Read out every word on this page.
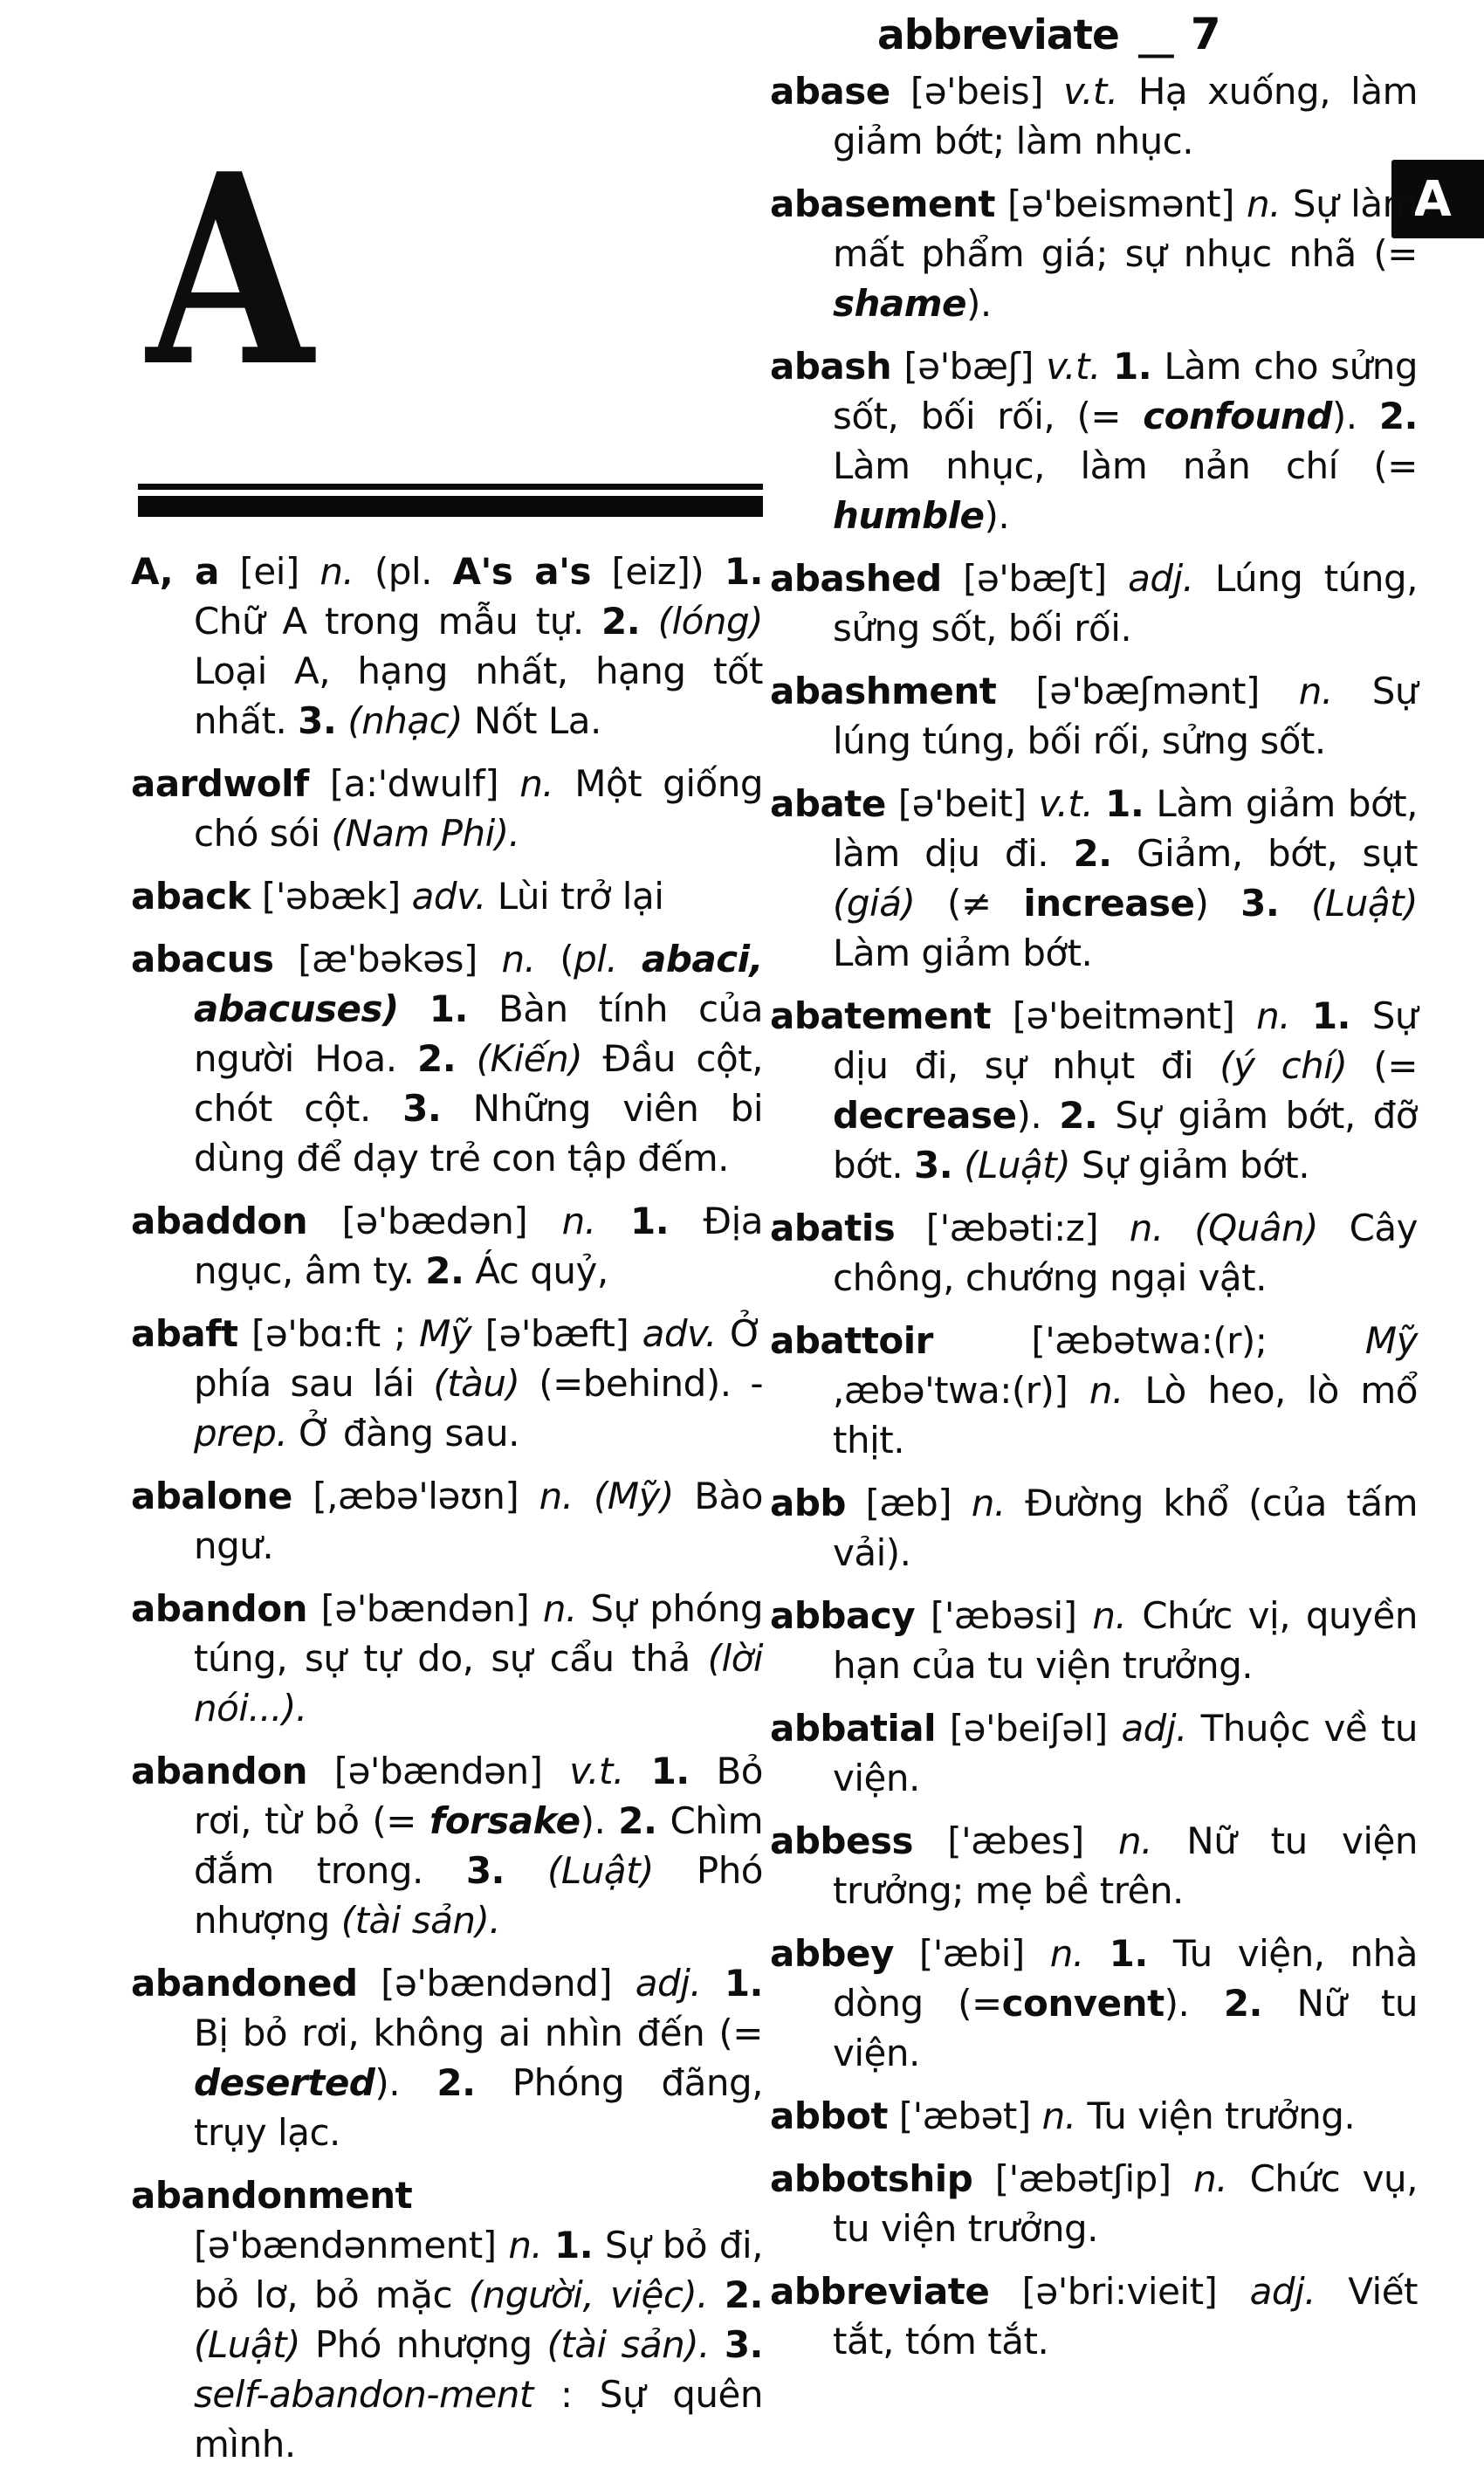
abbreviate __ 7
A
A

A, a [ei] n. (pl. A's a's [eiz]) 1. Chữ A trong mẫu tự. 2. (lóng) Loại A, hạng nhất, hạng tốt nhất. 3. (nhạc) Nốt La.

aardwolf [a:'dwulf] n. Một giống chó sói (Nam Phi).

aback ['əbæk] adv. Lùi trở lại

abacus [æ'bəkəs] n. (pl. abaci, abacuses) 1. Bàn tính của người Hoa. 2. (Kiến) Đầu cột, chót cột. 3. Những viên bi dùng để dạy trẻ con tập đếm.

abaddon [ə'bædən] n. 1. Địa ngục, âm ty. 2. Ác quỷ,

abaft [ə'bɑ:ft ; Mỹ [ə'bæft] adv. Ở phía sau lái (tàu) (=behind). - prep. Ở đàng sau.

abalone [,æbə'ləʊn] n. (Mỹ) Bào ngư.

abandon [ə'bændən] n. Sự phóng túng, sự tự do, sự cẩu thả (lời nói...).

abandon [ə'bændən] v.t. 1. Bỏ rơi, từ bỏ (= forsake). 2. Chìm đắm trong. 3. (Luật) Phó nhượng (tài sản).

abandoned [ə'bændənd] adj. 1. Bị bỏ rơi, không ai nhìn đến (= deserted). 2. Phóng đãng, trụy lạc.

abandonment
[ə'bændənment] n. 1. Sự bỏ đi, bỏ lơ, bỏ mặc (người, việc). 2. (Luật) Phó nhượng (tài sản). 3. self-abandon-ment : Sự quên mình.

abase [ə'beis] v.t. Hạ xuống, làm giảm bớt; làm nhục.

abasement [ə'beismənt] n. Sự làm mất phẩm giá; sự nhục nhã (= shame).

abash [ə'bæʃ] v.t. 1. Làm cho sửng sốt, bối rối, (= confound). 2. Làm nhục, làm nản chí (= humble).

abashed [ə'bæʃt] adj. Lúng túng, sửng sốt, bối rối.

abashment [ə'bæʃmənt] n. Sự lúng túng, bối rối, sửng sốt.

abate [ə'beit] v.t. 1. Làm giảm bớt, làm dịu đi. 2. Giảm, bớt, sụt (giá) (≠ increase) 3. (Luật) Làm giảm bớt.

abatement [ə'beitmənt] n. 1. Sự dịu đi, sự nhụt đi (ý chí) (= decrease). 2. Sự giảm bớt, đỡ bớt. 3. (Luật) Sự giảm bớt.

abatis ['æbəti:z] n. (Quân) Cây chông, chướng ngại vật.

abattoir ['æbətwa:(r); Mỹ ,æbə'twa:(r)] n. Lò heo, lò mổ thịt.

abb [æb] n. Đường khổ (của tấm vải).

abbacy ['æbəsi] n. Chức vị, quyền hạn của tu viện trưởng.

abbatial [ə'beiʃəl] adj. Thuộc về tu viện.

abbess ['æbes] n. Nữ tu viện trưởng; mẹ bề trên.

abbey ['æbi] n. 1. Tu viện, nhà dòng (=convent). 2. Nữ tu viện.

abbot ['æbət] n. Tu viện trưởng.

abbotship ['æbətʃip] n. Chức vụ, tu viện trưởng.

abbreviate [ə'bri:vieit] adj. Viết tắt, tóm tắt.
